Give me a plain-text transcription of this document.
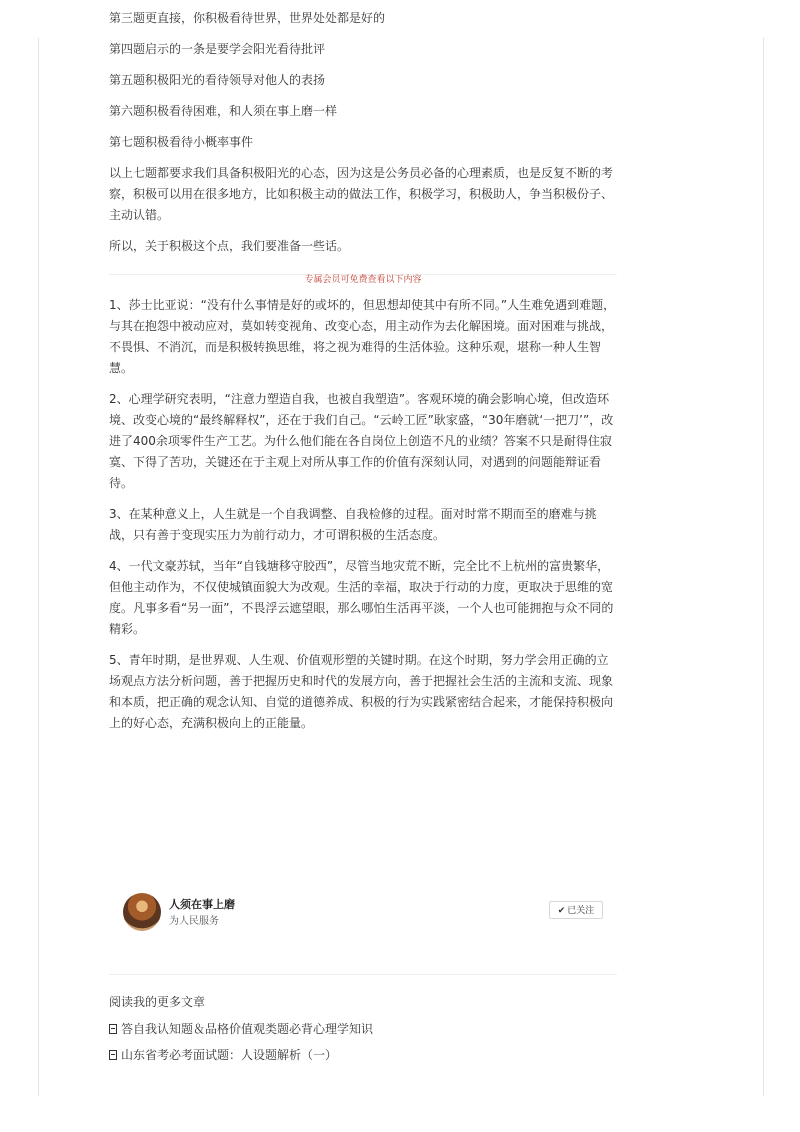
第三题更直接，你积极看待世界，世界处处都是好的

第四题启示的一条是要学会阳光看待批评

第五题积极阳光的看待领导对他人的表扬

第六题积极看待困难，和人须在事上磨一样

第七题积极看待小概率事件

以上七题都要求我们具备积极阳光的心态，因为这是公务员必备的心理素质，也是反复不断的考察，积极可以用在很多地方，比如积极主动的做法工作，积极学习，积极助人，争当积极份子、主动认错。

所以，关于积极这个点，我们要准备一些话。

专属会员可免费查看以下内容

1、莎士比亚说：“没有什么事情是好的或坏的，但思想却使其中有所不同。”人生难免遇到难题，与其在抱怨中被动应对，莫如转变视角、改变心态，用主动作为去化解困境。面对困难与挑战，不畏惧、不消沉，而是积极转换思维，将之视为难得的生活体验。这种乐观，堪称一种人生智慧。

2、心理学研究表明，“注意力塑造自我，也被自我塑造”。客观环境的确会影响心境，但改造环境、改变心境的“最终解释权”，还在于我们自己。“云岭工匠”耿家盛，“30年磨就‘一把刀’”，改进了400余项零件生产工艺。为什么他们能在各自岗位上创造不凡的业绩？答案不只是耐得住寂寞、下得了苦功，关键还在于主观上对所从事工作的价值有深刻认同，对遇到的问题能辩证看待。

3、在某种意义上，人生就是一个自我调整、自我检修的过程。面对时常不期而至的磨难与挑战，只有善于变现实压力为前行动力，才可谓积极的生活态度。

4、一代文豪苏轼，当年“自钱塘移守胶西”，尽管当地灾荒不断，完全比不上杭州的富贵繁华，但他主动作为，不仅使城镇面貌大为改观。生活的幸福，取决于行动的力度，更取决于思维的宽度。凡事多看“另一面”，不畏浮云遮望眼，那么哪怕生活再平淡，一个人也可能拥抱与众不同的精彩。

5、青年时期，是世界观、人生观、价值观形塑的关键时期。在这个时期，努力学会用正确的立场观点方法分析问题，善于把握历史和时代的发展方向，善于把握社会生活的主流和支流、现象和本质，把正确的观念认知、自觉的道德养成、积极的行为实践紧密结合起来，才能保持积极向上的好心态，充满积极向上的正能量。

人须在事上磨
为人民服务
✔ 已关注
阅读我的更多文章
答自我认知题＆品格价值观类题必背心理学知识
山东省考必考面试题：人设题解析（一）
